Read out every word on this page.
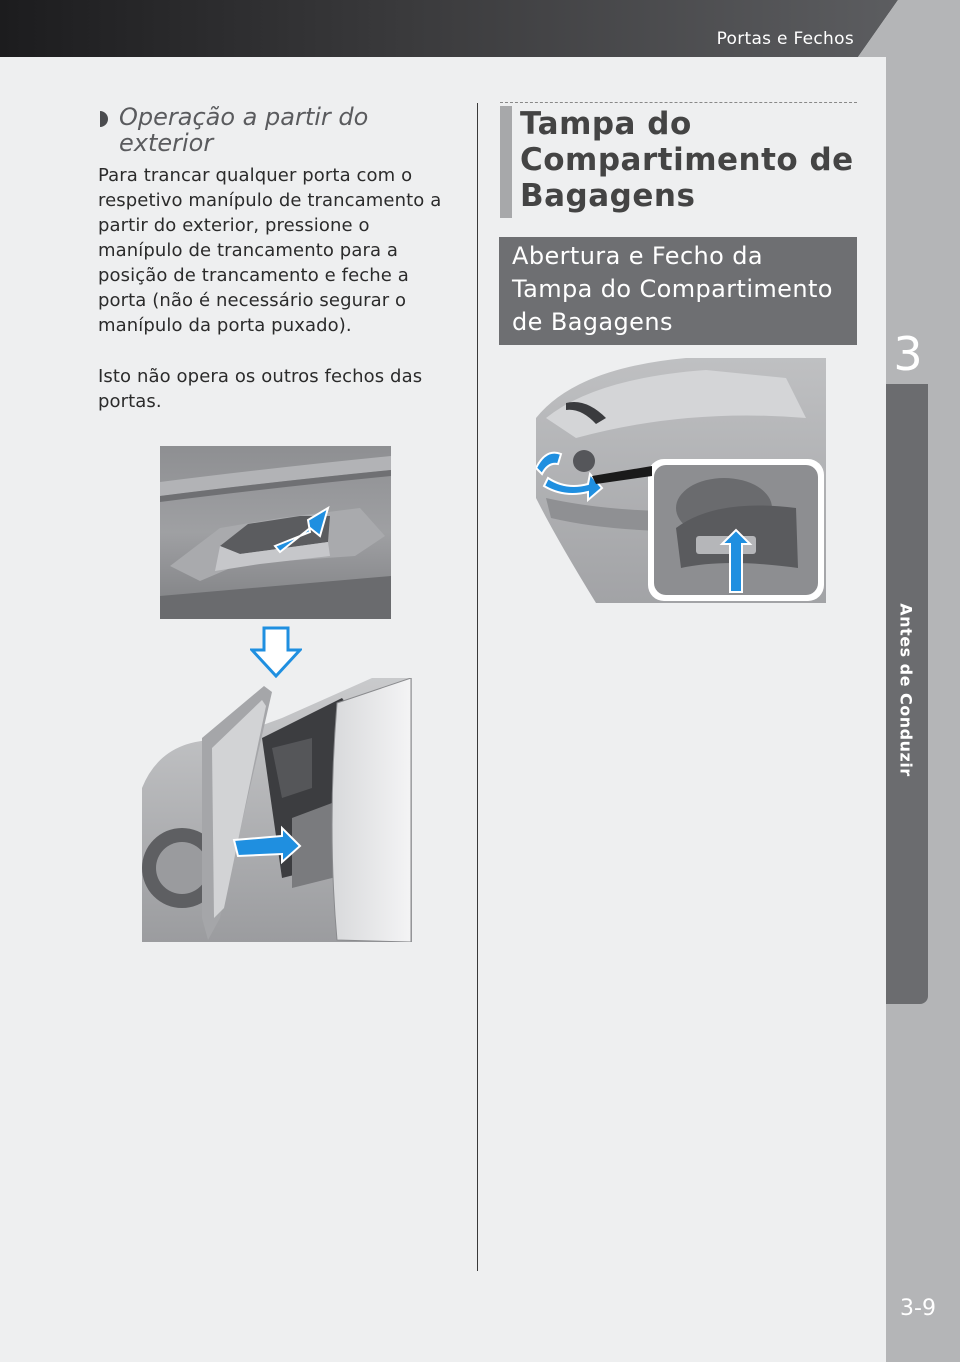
Portas e Fechos
3
Antes de Conduzir
3-9
Operação a partir do exterior
Para trancar qualquer porta com o respetivo manípulo de trancamento a partir do exterior, pressione o manípulo de trancamento para a posição de trancamento e feche a porta (não é necessário segurar o manípulo da porta puxado).
Isto não opera os outros fechos das portas.
Tampa do Compartimento de Bagagens
Abertura e Fecho da Tampa do Compartimento de Bagagens
